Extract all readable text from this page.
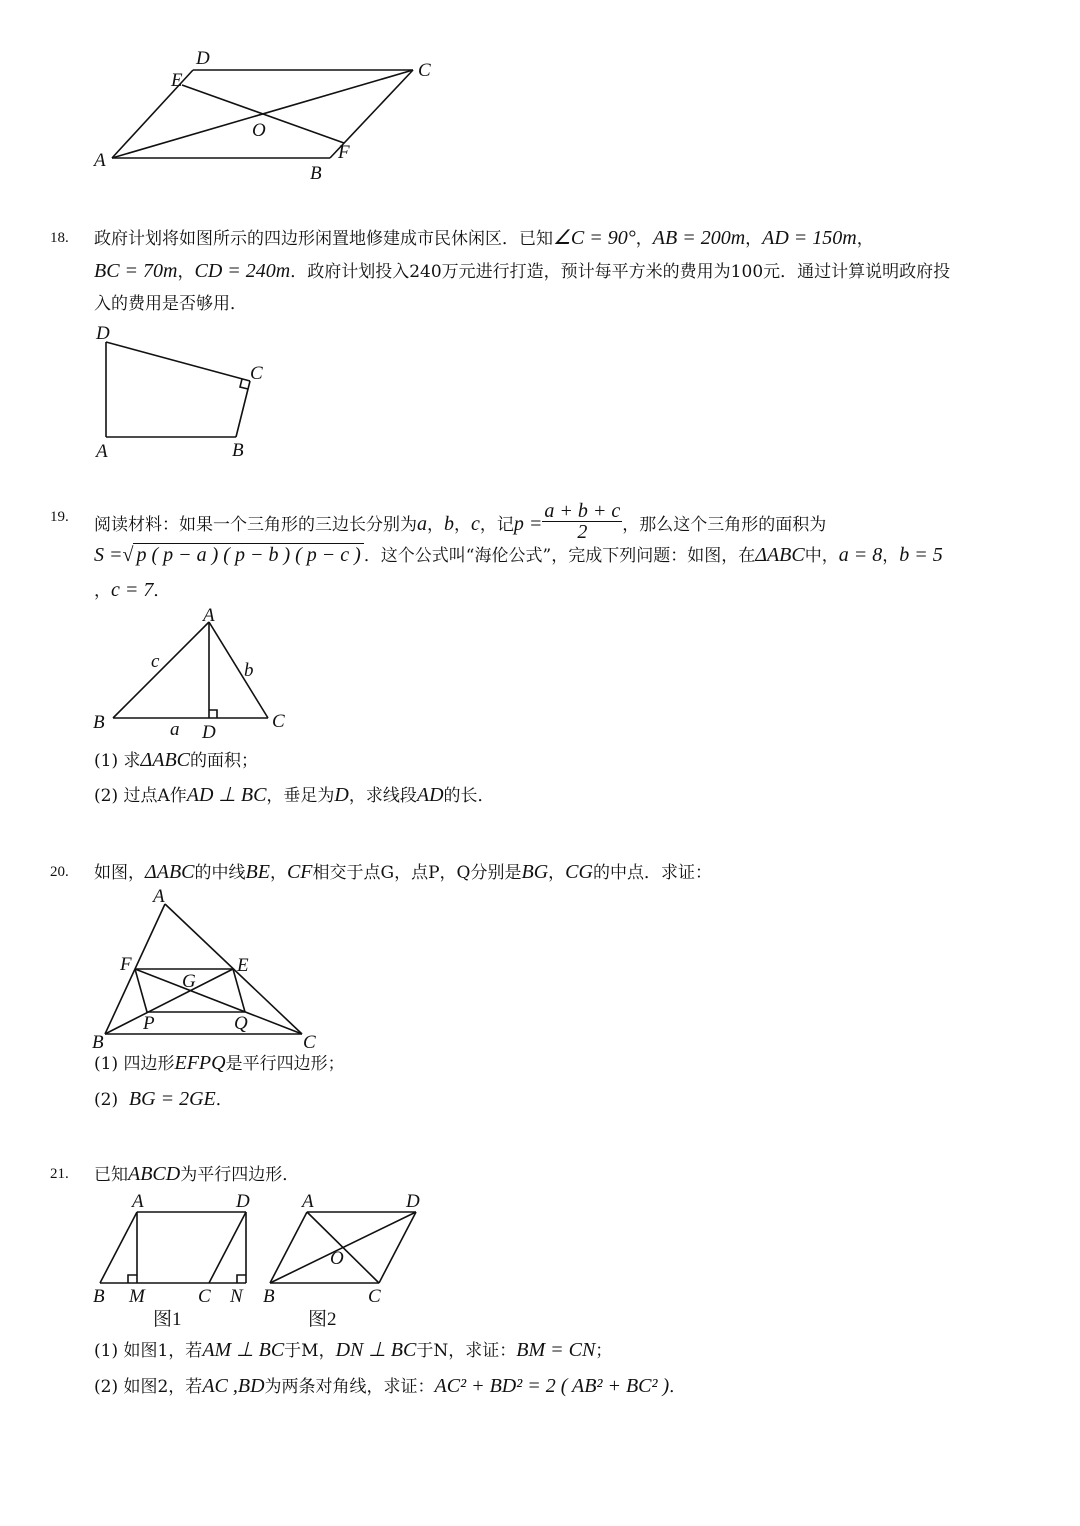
D
E	C
O
A
B
F
18. 政府计划将如图所示的四边形闲置地修建成市民休闲区．已知∠C = 90°，AB = 200m，AD = 150m，
BC = 70m，CD = 240m．政府计划投入240万元进行打造，预计每平方米的费用为100元．通过计算说明政府投
入的费用是否够用．
D
C
A	B
19. 阅读材料：如果一个三角形的三边长分别为a，b，c，记$p = \frac{a + b + c}{2}$ ，那么这个三角形的面积为
S =√ p ( p − a ) ( p − b ) ( p − c ) ．这个公式叫“海伦公式”，完成下列问题：如图，在ΔABC中，a = 8，b = 5
，c = 7．
A
c	b
B	a D
C
(1) 求ΔABC的面积；
(2) 过点A作AD ⊥ BC，垂足为D，求线段AD的长．
20. 如图，ΔABC的中线BE，CF相交于点G，点P，Q分别是BG，CG的中点．求证：
A
F	E
G
P	Q
B	C
(1) 四边形EFPQ是平行四边形；
(2) BG = 2GE．
21. 已知ABCD为平行四边形．
A	D
B M	C N
图1
A	D
O
B	C
图2
(1) 如图1，若AM ⊥ BC于M，DN ⊥ BC于N，求证：BM = CN；
(2) 如图2，若AC ,BD为两条对角线，求证：AC² + BD² = 2 ( AB² + BC² )．
